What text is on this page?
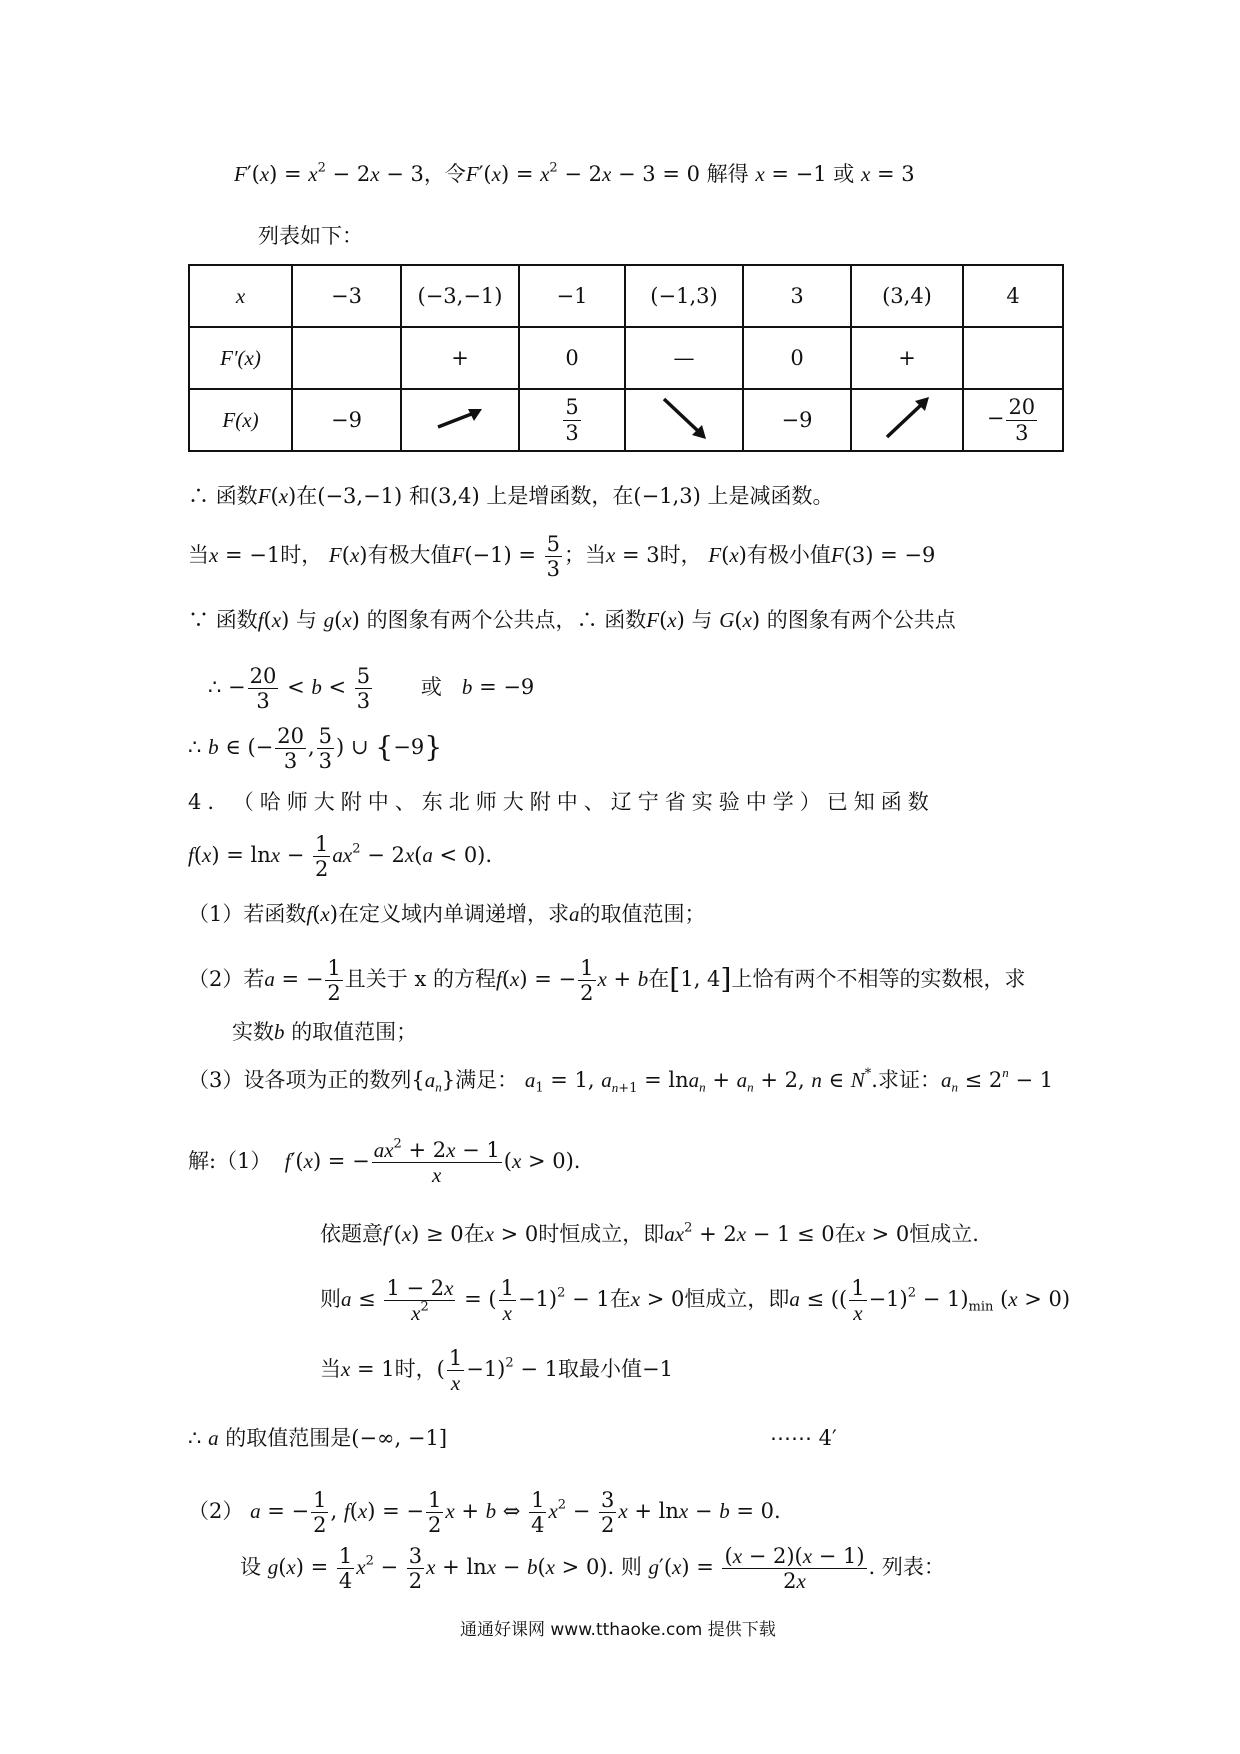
$F'(x) = x^2 - 2x - 3$，令$F'(x) = x^2 - 2x - 3 = 0$ 解得 x = −1 或 x = 3
列表如下：
x	−3	(−3,−1)	−1	(−1,3)	3	(3,4)	4
F′(x)		+	0	—	0	+	
F(x)	−9		$\frac{5}{3}$		−9		− $\frac{20}{3}$
∴ 函数F(x)在(−3,−1) 和(3,4) 上是增函数，在(−1,3) 上是减函数。
当x = −1时， F(x)有极大值$F(-1) = \frac{5}{3}$ ；当x = 3时， F(x)有极小值F(3) = −9
∵ 函数f(x) 与 g(x) 的图象有两个公共点，∴ 函数F(x) 与 G(x) 的图象有两个公共点
∴ − $\frac{20}{3} < b < \frac{5}{3}$ 或 b = −9
∴ b ∈ (− $\frac{20}{3}$ , $\frac{5}{3}$ ) ∪ {−9}
4. （哈师大附中、东北师大附中、辽宁省实验中学）已知函数
$f(x) = \ln x - \frac{1}{2} ax^2 - 2x(a < 0)$.
（1）若函数f(x)在定义域内单调递增，求a的取值范围；
（2）若a = − $\frac{1}{2}$ 且关于 x 的方程f(x) = − $\frac{1}{2}$ x + b在[1, 4]上恰有两个不相等的实数根，求
实数b 的取值范围；
（3）设各项为正的数列$\{a_n\}$满足： $a_1 = 1$, $a_{n+1} = \ln a_n + a_n + 2$, n ∈ N*.求证：$a_n \le 2^n - 1$
解:（1） f′(x) = − $\frac{ax^2 + 2x - 1}{x} (x > 0)$.
依题意f′(x) ≥ 0在x > 0时恒成立，即$ax^2 + 2x - 1 \le 0$在x > 0恒成立.
则$a \le \frac{1 - 2x}{x^2}$ = ( $\frac{1}{x} -1)^2 - 1$在x > 0恒成立，即a ≤ (( $\frac{1}{x} -1)^2 - 1)_{min}$ (x > 0)
当x = 1时，( $\frac{1}{x} -1)^2 - 1$取最小值−1
∴ a 的取值范围是(−∞, −1]	⋯⋯ 4′
（2） a = − $\frac{1}{2}$ , f(x) = − $\frac{1}{2}$ x + b ⇔ $\frac{1}{4} x^2 - \frac{3}{2}$ x + lnx − b = 0.
设 $g(x) = \frac{1}{4} x^2 - \frac{3}{2}$ x + lnx − b(x > 0). 则 $g'(x) = \frac{(x - 2)(x - 1)}{2x}$ . 列表：
通通好课网 www.tthaoke.com 提供下载
